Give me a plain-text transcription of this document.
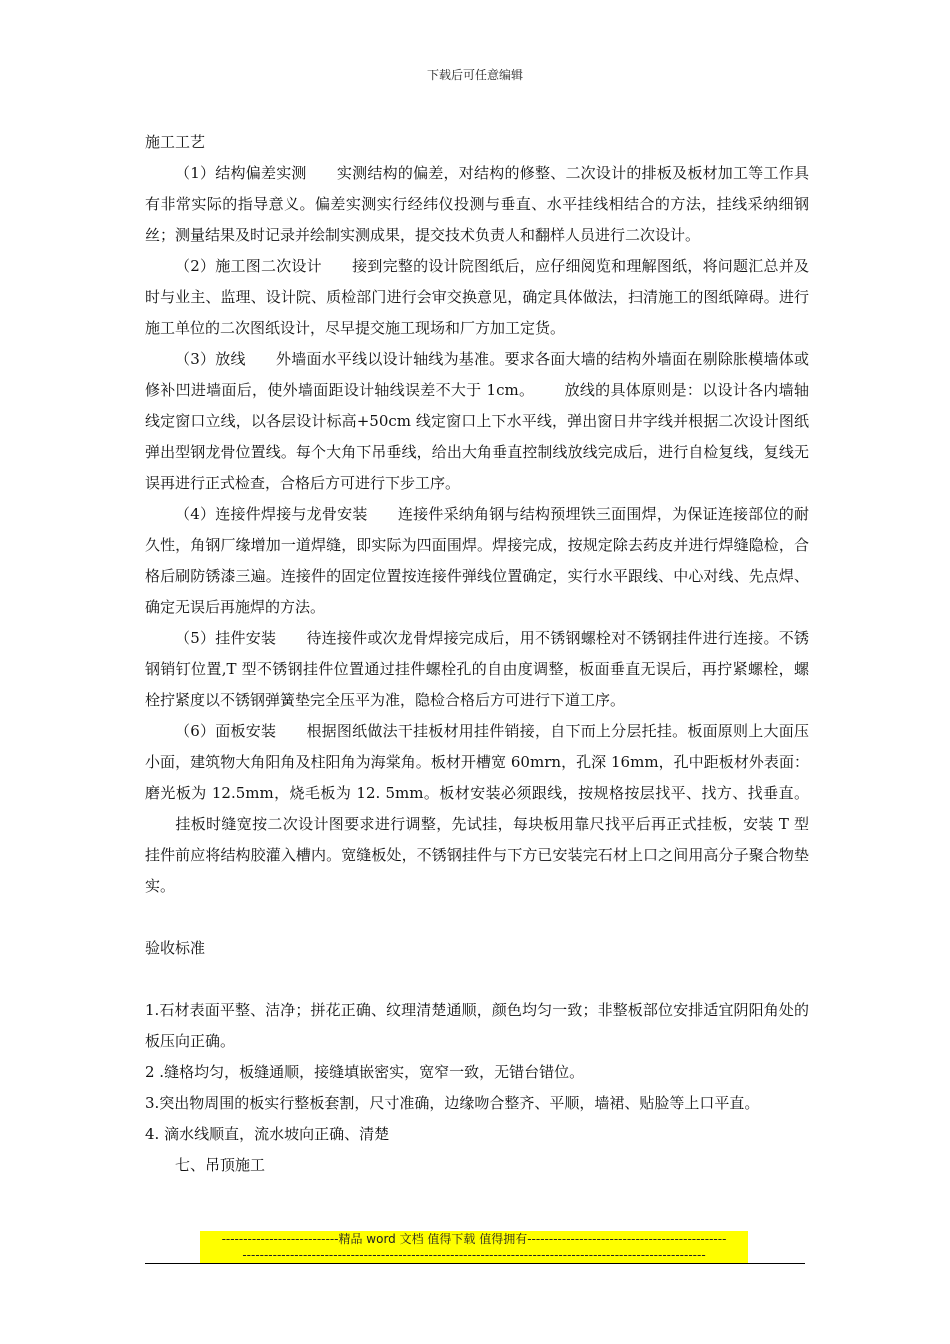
下载后可任意编辑

施工工艺

（1）结构偏差实测 实测结构的偏差，对结构的修整、二次设计的排板及板材加工等工作具有非常实际的指导意义。偏差实测实行经纬仪投测与垂直、水平挂线相结合的方法，挂线采纳细钢丝；测量结果及时记录并绘制实测成果，提交技术负责人和翻样人员进行二次设计。

（2）施工图二次设计 接到完整的设计院图纸后，应仔细阅览和理解图纸，将问题汇总并及时与业主、监理、设计院、质检部门进行会审交换意见，确定具体做法，扫清施工的图纸障碍。进行施工单位的二次图纸设计，尽早提交施工现场和厂方加工定货。

（3）放线 外墙面水平线以设计轴线为基准。要求各面大墙的结构外墙面在剔除胀模墙体或修补凹进墙面后，使外墙面距设计轴线误差不大于 1cm。 放线的具体原则是：以设计各内墙轴线定窗口立线，以各层设计标高+50cm 线定窗口上下水平线，弹出窗日井字线并根据二次设计图纸弹出型钢龙骨位置线。每个大角下吊垂线，给出大角垂直控制线放线完成后，进行自检复线，复线无误再进行正式检查，合格后方可进行下步工序。

（4）连接件焊接与龙骨安装 连接件采纳角钢与结构预埋铁三面围焊，为保证连接部位的耐久性，角钢厂缘增加一道焊缝，即实际为四面围焊。焊接完成，按规定除去药皮并进行焊缝隐检，合格后刷防锈漆三遍。连接件的固定位置按连接件弹线位置确定，实行水平跟线、中心对线、先点焊、确定无误后再施焊的方法。

（5）挂件安装 待连接件或次龙骨焊接完成后，用不锈钢螺栓对不锈钢挂件进行连接。不锈钢销钉位置,T 型不锈钢挂件位置通过挂件螺栓孔的自由度调整，板面垂直无误后，再拧紧螺栓，螺栓拧紧度以不锈钢弹簧垫完全压平为准，隐检合格后方可进行下道工序。

（6）面板安装 根据图纸做法干挂板材用挂件销接，自下而上分层托挂。板面原则上大面压小面，建筑物大角阳角及柱阳角为海棠角。板材开槽宽 60mrn，孔深 16mm，孔中距板材外表面：磨光板为 12.5mm，烧毛板为 12. 5mm。板材安装必须跟线，按规格按层找平、找方、找垂直。挂板时缝宽按二次设计图要求进行调整，先试挂，每块板用靠尺找平后再正式挂板，安装 T 型挂件前应将结构胶灌入槽内。宽缝板处，不锈钢挂件与下方已安装完石材上口之间用高分子聚合物垫实。

验收标准

1.石材表面平整、洁净；拼花正确、纹理清楚通顺，颜色均匀一致；非整板部位安排适宜阴阳角处的板压向正确。

2 .缝格均匀，板缝通顺，接缝填嵌密实，宽窄一致，无错台错位。

3.突出物周围的板实行整板套割，尺寸准确，边缘吻合整齐、平顺，墙裙、贴脸等上口平直。

4. 滴水线顺直，流水坡向正确、清楚

七、吊顶施工

---------------------------精品 word 文档 值得下载 值得拥有----------------------------------------------
-----------------------------------------------------------------------------------------------------------
